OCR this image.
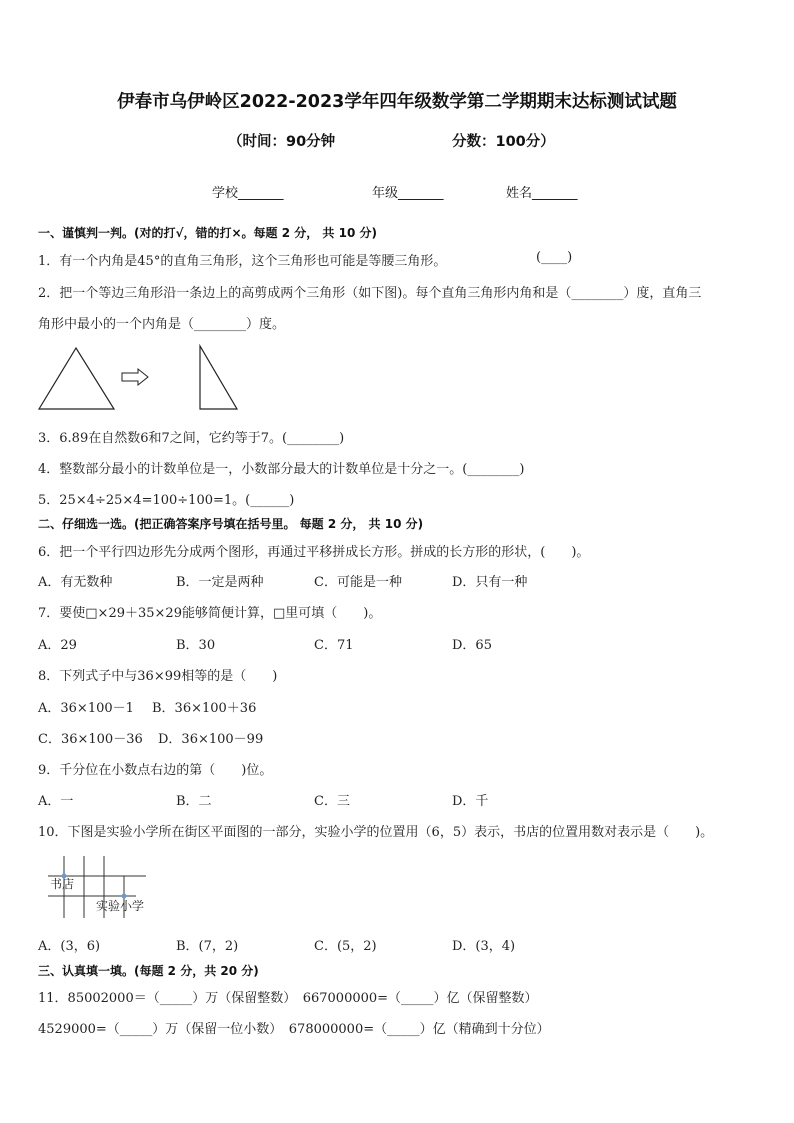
伊春市乌伊岭区2022-2023学年四年级数学第二学期期末达标测试试题
（时间：90分钟	分数：100分）
学校_______	年级_______	姓名_______
一、谨慎判一判。(对的打√，错的打×。每题 2 分， 共 10 分)
1．有一个内角是45°的直角三角形，这个三角形也可能是等腰三角形。	(____)
2．把一个等边三角形沿一条边上的高剪成两个三角形（如下图)。每个直角三角形内角和是（________）度，直角三
角形中最小的一个内角是（________）度。
3．6.89在自然数6和7之间，它约等于7。(________)
4．整数部分最小的计数单位是一，小数部分最大的计数单位是十分之一。(________)
5．25×4÷25×4=100÷100=1。(______)
二、仔细选一选。(把正确答案序号填在括号里。 每题 2 分， 共 10 分)
6．把一个平行四边形先分成两个图形，再通过平移拼成长方形。拼成的长方形的形状，(　　)。
A．有无数种	B．一定是两种	C．可能是一种	D．只有一种
7．要使□×29＋35×29能够简便计算，□里可填（　　)。
A．29	B．30	C．71	D．65
8．下列式子中与36×99相等的是（　　)
A．36×100－1 B．36×100＋36
C．36×100－36 D．36×100－99
9．千分位在小数点右边的第（　　)位。
A．一	B．二	C．三	D．千
10．下图是实验小学所在街区平面图的一部分，实验小学的位置用（6，5）表示，书店的位置用数对表示是（　　)。
书店
实验小学
A．(3，6)	B．(7，2)	C．(5，2)	D．(3，4)
三、认真填一填。(每题 2 分，共 20 分)
11．85002000＝（_____）万（保留整数）　667000000=（_____）亿（保留整数）
4529000=（_____）万（保留一位小数）　678000000=（_____）亿（精确到十分位）
